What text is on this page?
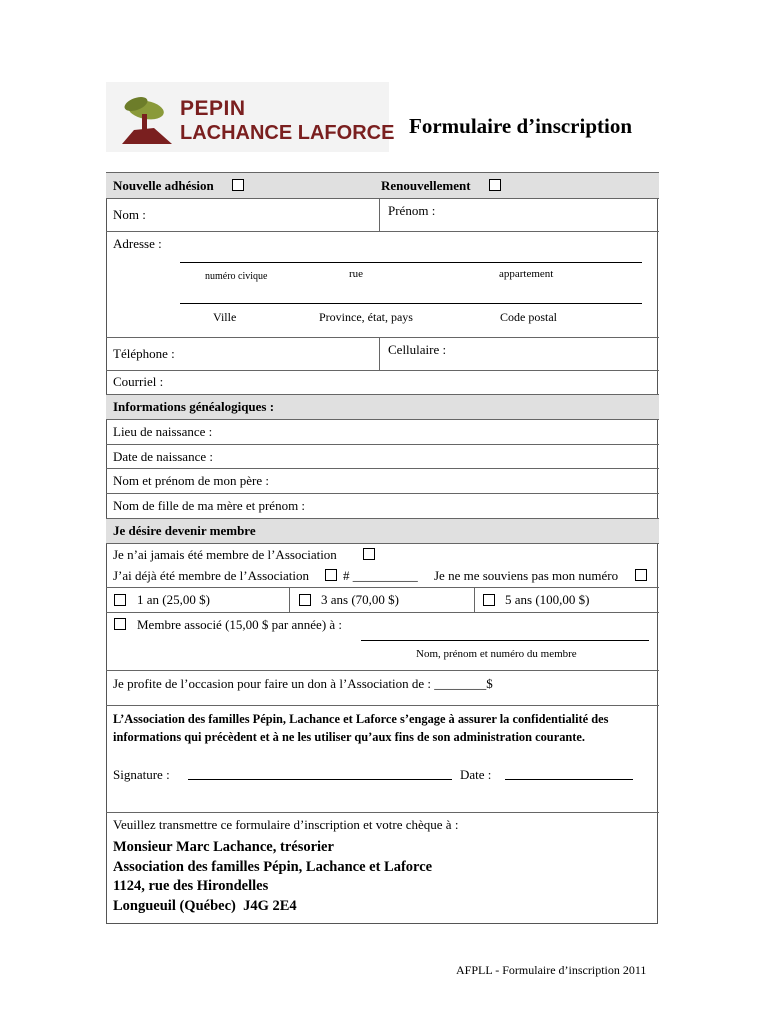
PEPIN
LACHANCE LAFORCE Formulaire d’inscription
Nouvelle adhésion	Renouvellement
Nom :	Prénom :
Adresse :
numéro civique	rue	appartement
Ville	Province, état, pays	Code postal
Téléphone :	Cellulaire :
Courriel :
Informations généalogiques :
Lieu de naissance :
Date de naissance :
Nom et prénom de mon père :
Nom de fille de ma mère et prénom :
Je désire devenir membre
Je n’ai jamais été membre de l’Association
J’ai déjà été membre de l’Association	# __________ Je ne me souviens pas mon numéro
1 an (25,00 $)	3 ans (70,00 $)	5 ans (100,00 $)
Membre associé (15,00 $ par année) à :
Nom, prénom et numéro du membre
Je profite de l’occasion pour faire un don à l’Association de : ________$
L’Association des familles Pépin, Lachance et Laforce s’engage à assurer la confidentialité des informations qui précèdent et à ne les utiliser qu’aux fins de son administration courante.
Signature :	Date :
Veuillez transmettre ce formulaire d’inscription et votre chèque à :
Monsieur Marc Lachance, trésorier
Association des familles Pépin, Lachance et Laforce
1124, rue des Hirondelles
Longueuil (Québec)  J4G 2E4
AFPLL - Formulaire d’inscription 2011
